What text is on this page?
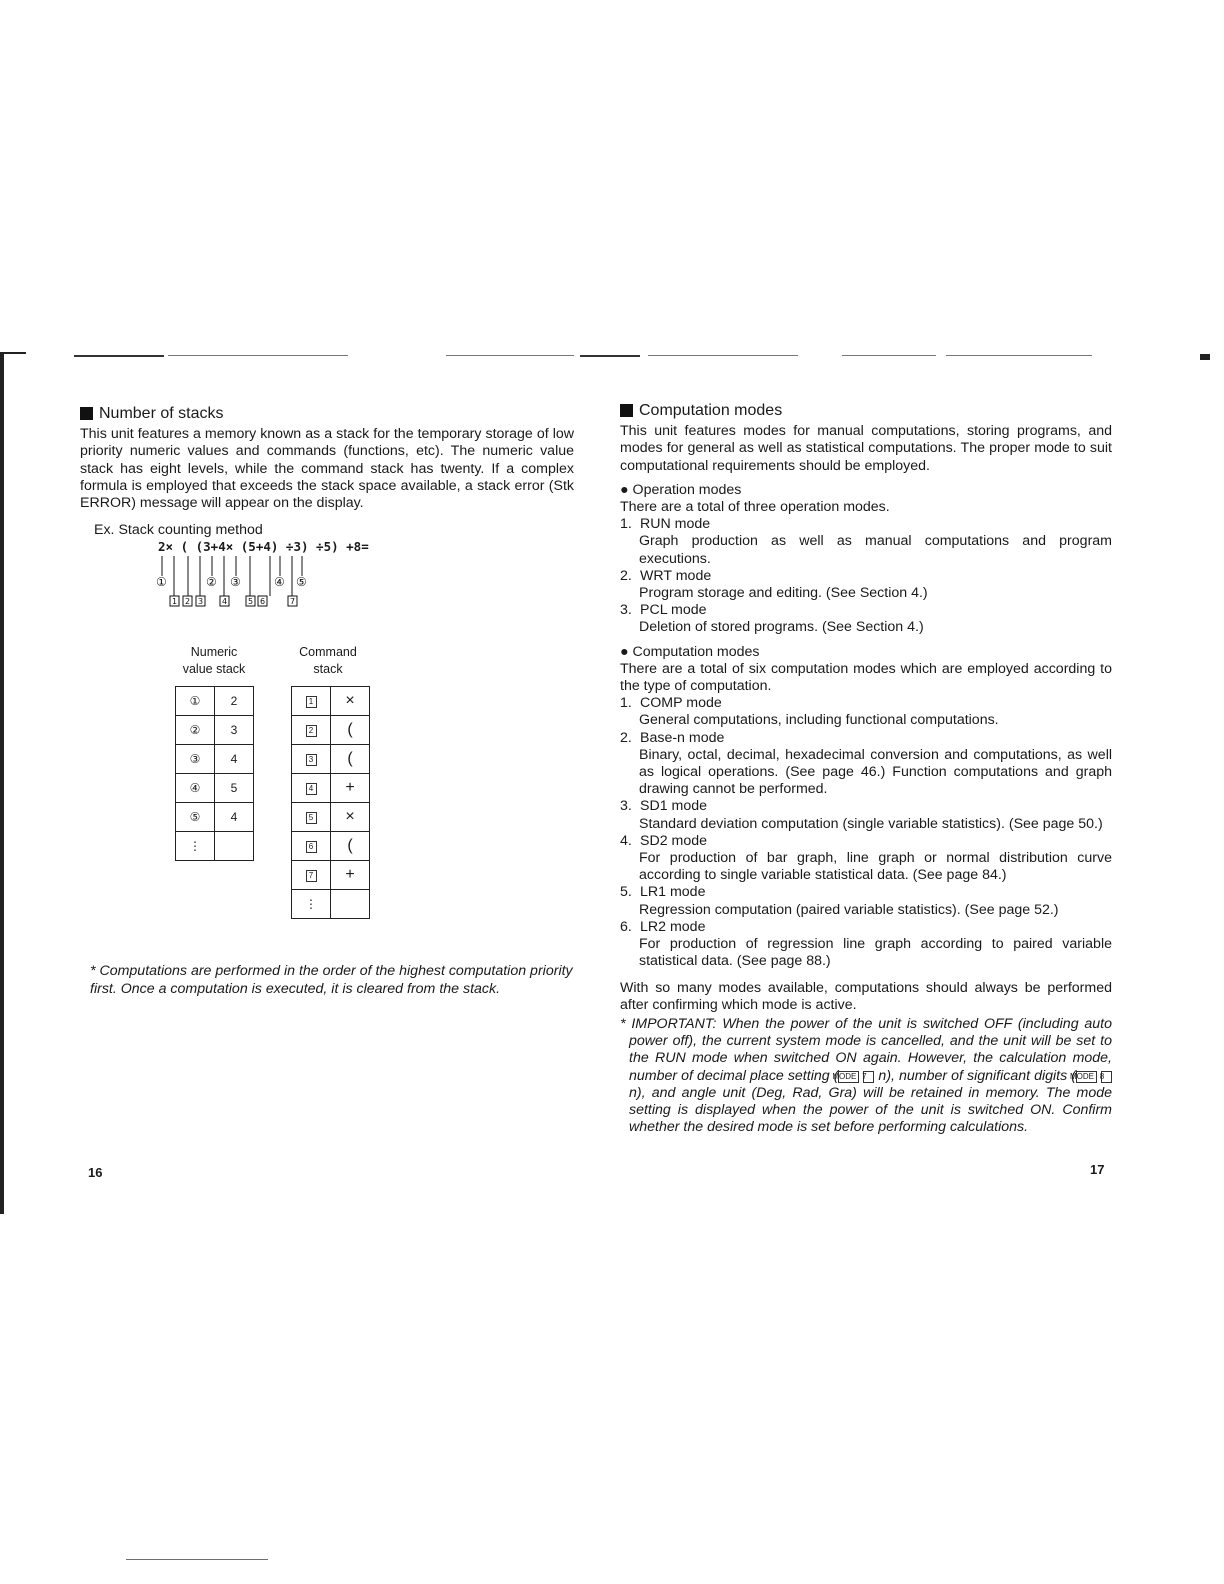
Number of stacks

This unit features a memory known as a stack for the temporary storage of low priority numeric values and commands (functions, etc). The numeric value stack has eight levels, while the command stack has twenty. If a complex formula is employed that exceeds the stack space available, a stack error (Stk ERROR) message will appear on the display.

Ex. Stack counting method
2× ( (3+4× (5+4) ÷3) ÷5) +8=
①	② ③	④ ⑤
1 2 3 4	5 6	7
Numeric
value stack
Command
stack
①	2
②	3
③	4
④	5
⑤	4
⋮	
1	×
2	(
3	(
4	+
5	×
6	(
7	+
⋮	
* Computations are performed in the order of the highest computation priority first. Once a computation is executed, it is cleared from the stack.
16
Computation modes

This unit features modes for manual computations, storing programs, and modes for general as well as statistical computations. The proper mode to suit computational requirements should be employed.

● Operation modes

There are a total of three operation modes.

1. RUN mode

Graph production as well as manual computations and program executions.

2. WRT mode

Program storage and editing. (See Section 4.)

3. PCL mode

Deletion of stored programs. (See Section 4.)

● Computation modes

There are a total of six computation modes which are employed according to the type of computation.

1. COMP mode

General computations, including functional computations.

2. Base-n mode

Binary, octal, decimal, hexadecimal conversion and computations, as well as logical operations. (See page 46.) Function computations and graph drawing cannot be performed.

3. SD1 mode

Standard deviation computation (single variable statistics). (See page 50.)

4. SD2 mode

For production of bar graph, line graph or normal distribution curve according to single variable statistical data. (See page 84.)

5. LR1 mode

Regression computation (paired variable statistics). (See page 52.)

6. LR2 mode

For production of regression line graph according to paired variable statistical data. (See page 88.)

With so many modes available, computations should always be performed after confirming which mode is active.

* IMPORTANT: When the power of the unit is switched OFF (including auto power off), the current system mode is cancelled, and the unit will be set to the RUN mode when switched ON again. However, the calculation mode, number of decimal place setting (MODE 7 n), number of significant digits (MODE 8 n), and angle unit (Deg, Rad, Gra) will be retained in memory. The mode setting is displayed when the power of the unit is switched ON. Confirm whether the desired mode is set before performing calculations.

17
